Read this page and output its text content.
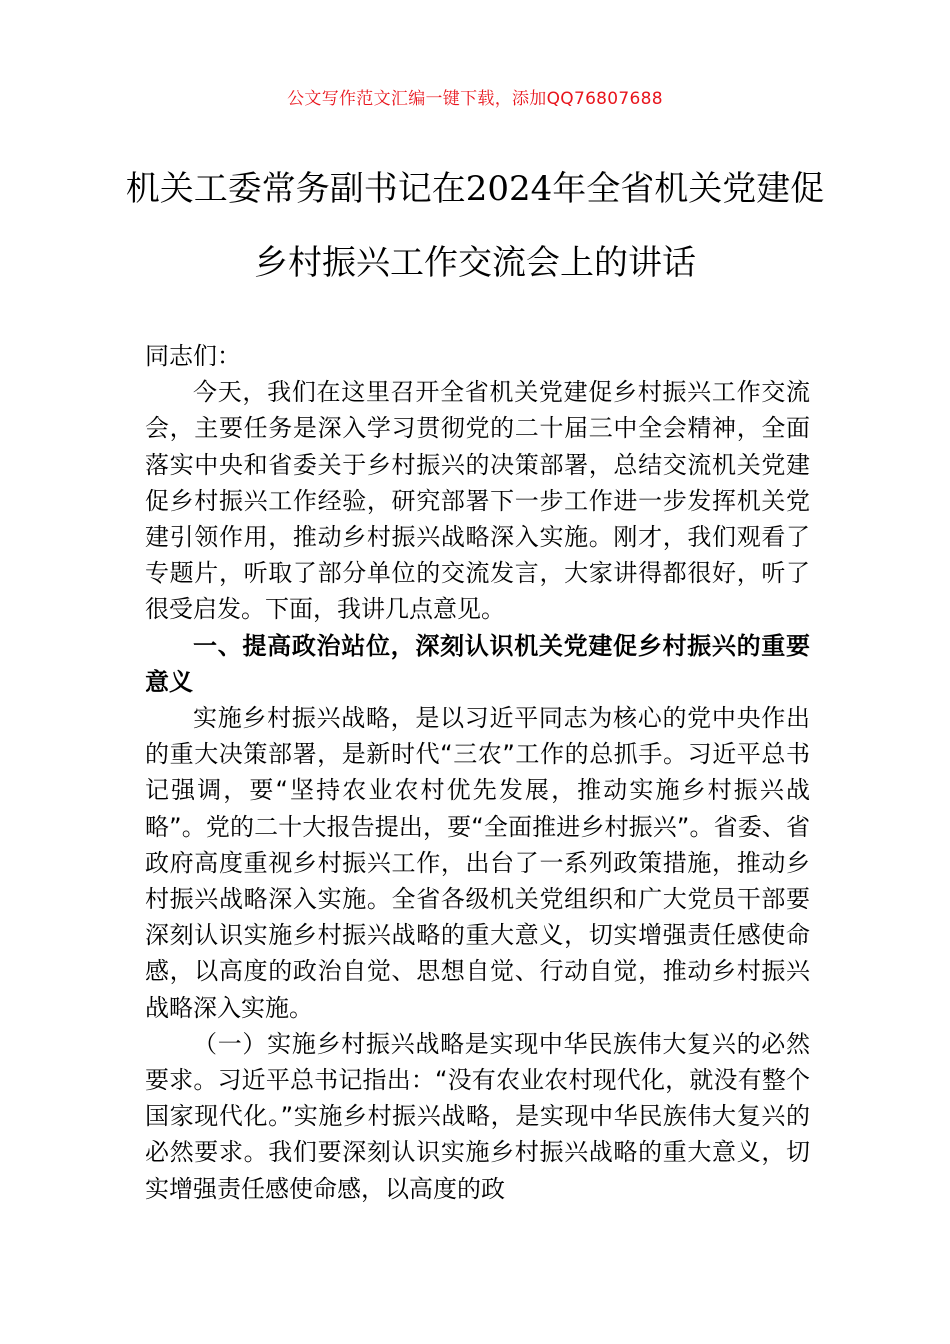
公文写作范文汇编一键下载，添加QQ76807688
机关工委常务副书记在2024年全省机关党建促乡村振兴工作交流会上的讲话

同志们：

今天，我们在这里召开全省机关党建促乡村振兴工作交流会，主要任务是深入学习贯彻党的二十届三中全会精神，全面落实中央和省委关于乡村振兴的决策部署，总结交流机关党建促乡村振兴工作经验，研究部署下一步工作进一步发挥机关党建引领作用，推动乡村振兴战略深入实施。刚才，我们观看了专题片，听取了部分单位的交流发言，大家讲得都很好，听了很受启发。下面，我讲几点意见。

一、提高政治站位，深刻认识机关党建促乡村振兴的重要意义

实施乡村振兴战略，是以习近平同志为核心的党中央作出的重大决策部署，是新时代“三农”工作的总抓手。习近平总书记强调，要“坚持农业农村优先发展，推动实施乡村振兴战略”。党的二十大报告提出，要“全面推进乡村振兴”。省委、省政府高度重视乡村振兴工作，出台了一系列政策措施，推动乡村振兴战略深入实施。全省各级机关党组织和广大党员干部要深刻认识实施乡村振兴战略的重大意义，切实增强责任感使命感，以高度的政治自觉、思想自觉、行动自觉，推动乡村振兴战略深入实施。

（一）实施乡村振兴战略是实现中华民族伟大复兴的必然要求。习近平总书记指出：“没有农业农村现代化，就没有整个国家现代化。”实施乡村振兴战略，是实现中华民族伟大复兴的必然要求。我们要深刻认识实施乡村振兴战略的重大意义，切实增强责任感使命感，以高度的政
